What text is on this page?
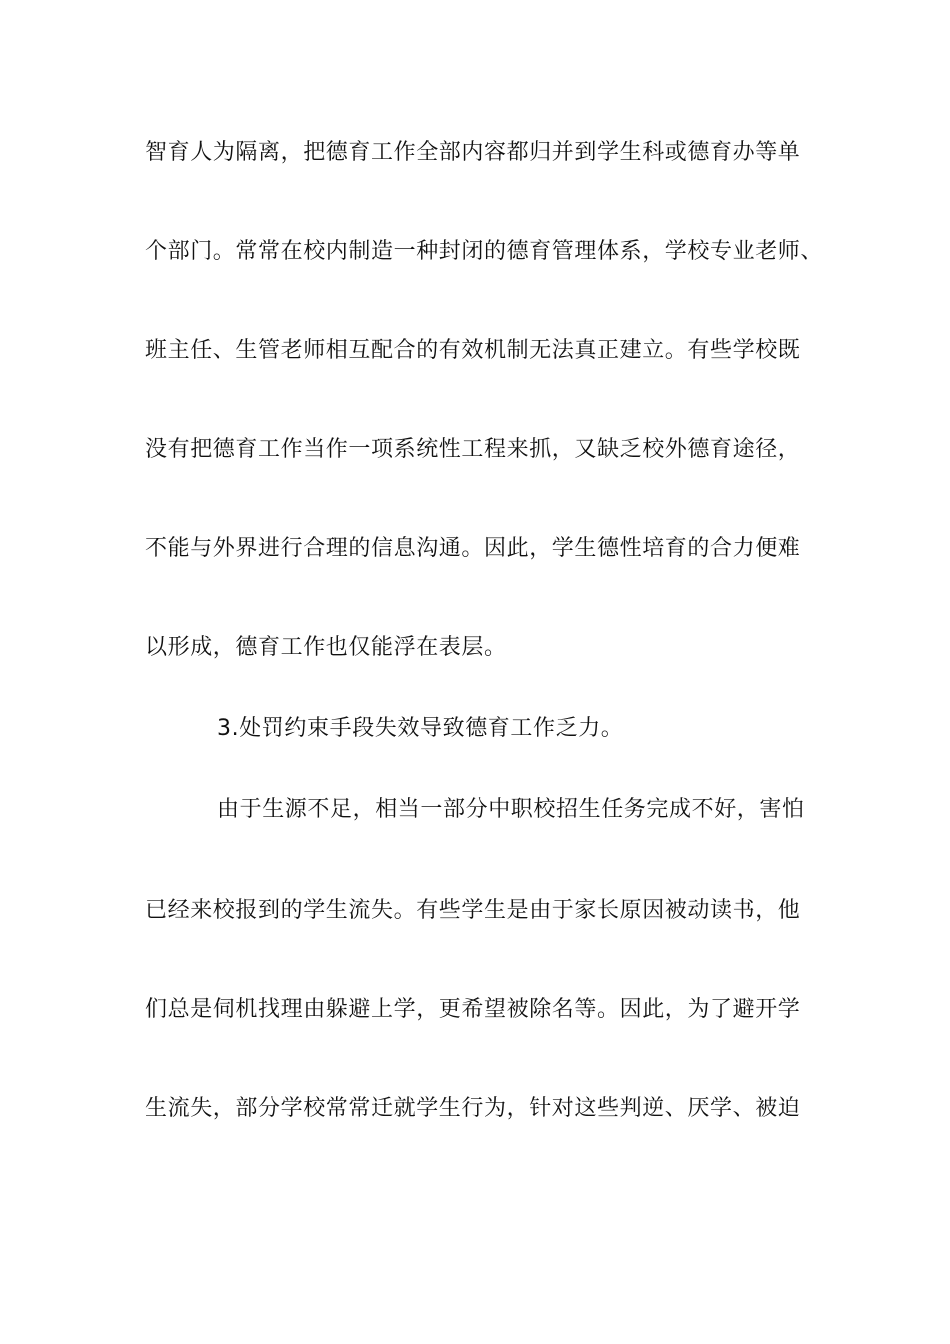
智育人为隔离，把德育工作全部内容都归并到学生科或德育办等单
个部门。常常在校内制造一种封闭的德育管理体系，学校专业老师、
班主任、生管老师相互配合的有效机制无法真正建立。有些学校既
没有把德育工作当作一项系统性工程来抓，又缺乏校外德育途径，
不能与外界进行合理的信息沟通。因此，学生德性培育的合力便难
以形成，德育工作也仅能浮在表层。
3.处罚约束手段失效导致德育工作乏力。
由于生源不足，相当一部分中职校招生任务完成不好，害怕
已经来校报到的学生流失。有些学生是由于家长原因被动读书，他
们总是伺机找理由躲避上学，更希望被除名等。因此，为了避开学
生流失，部分学校常常迁就学生行为，针对这些判逆、厌学、被迫
